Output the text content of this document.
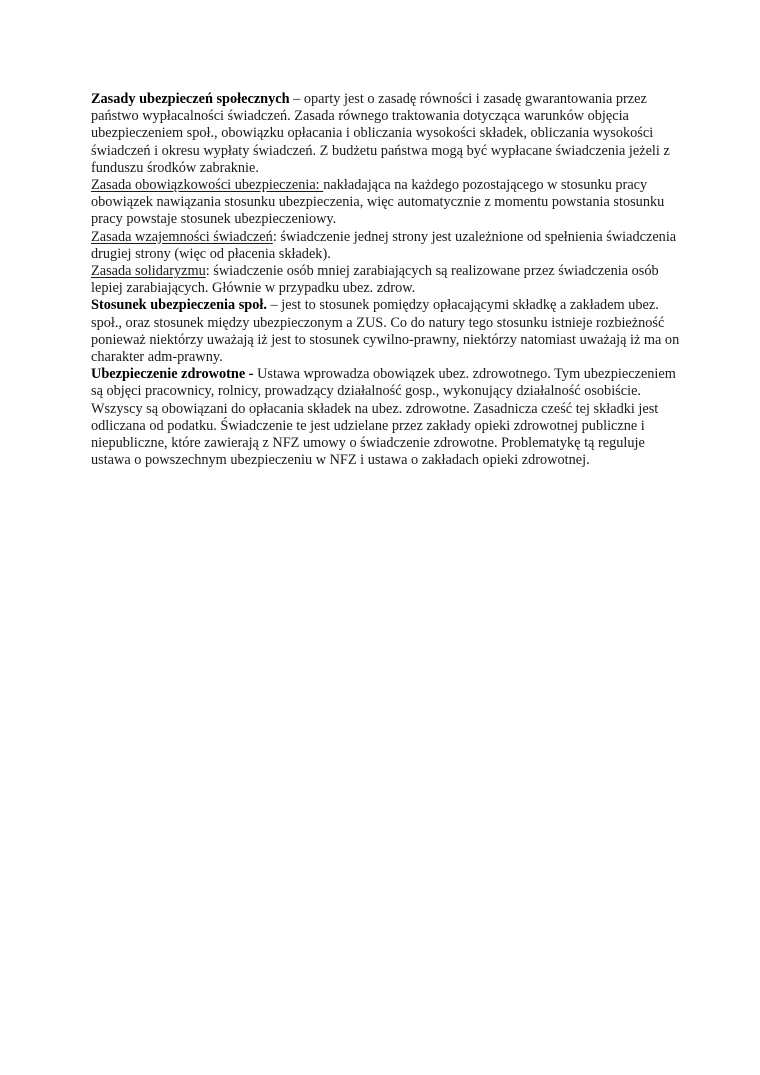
Zasady ubezpieczeń społecznych – oparty jest o zasadę równości i zasadę gwarantowania przez państwo wypłacalności świadczeń. Zasada równego traktowania dotycząca warunków objęcia ubezpieczeniem społ., obowiązku opłacania i obliczania wysokości składek, obliczania wysokości świadczeń i okresu wypłaty świadczeń. Z budżetu państwa mogą być wypłacane świadczenia jeżeli z funduszu środków zabraknie.

Zasada obowiązkowości ubezpieczenia: nakładająca na każdego pozostającego w stosunku pracy obowiązek nawiązania stosunku ubezpieczenia, więc automatycznie z momentu powstania stosunku pracy powstaje stosunek ubezpieczeniowy.

Zasada wzajemności świadczeń: świadczenie jednej strony jest uzależnione od spełnienia świadczenia drugiej strony (więc od płacenia składek).

Zasada solidaryzmu: świadczenie osób mniej zarabiających są realizowane przez świadczenia osób lepiej zarabiających. Głównie w przypadku ubez. zdrow.

Stosunek ubezpieczenia społ. – jest to stosunek pomiędzy opłacającymi składkę a zakładem ubez. społ., oraz stosunek między ubezpieczonym a ZUS. Co do natury tego stosunku istnieje rozbieżność ponieważ niektórzy uważają iż jest to stosunek cywilno-prawny, niektórzy natomiast uważają iż ma on charakter adm-prawny.

Ubezpieczenie zdrowotne - Ustawa wprowadza obowiązek ubez. zdrowotnego. Tym ubezpieczeniem są objęci pracownicy, rolnicy, prowadzący działalność gosp., wykonujący działalność osobiście. Wszyscy są obowiązani do opłacania składek na ubez. zdrowotne. Zasadnicza cześć tej składki jest odliczana od podatku. Świadczenie te jest udzielane przez zakłady opieki zdrowotnej publiczne i niepubliczne, które zawierają z NFZ umowy o świadczenie zdrowotne. Problematykę tą reguluje ustawa o powszechnym ubezpieczeniu w NFZ i ustawa o zakładach opieki zdrowotnej.
